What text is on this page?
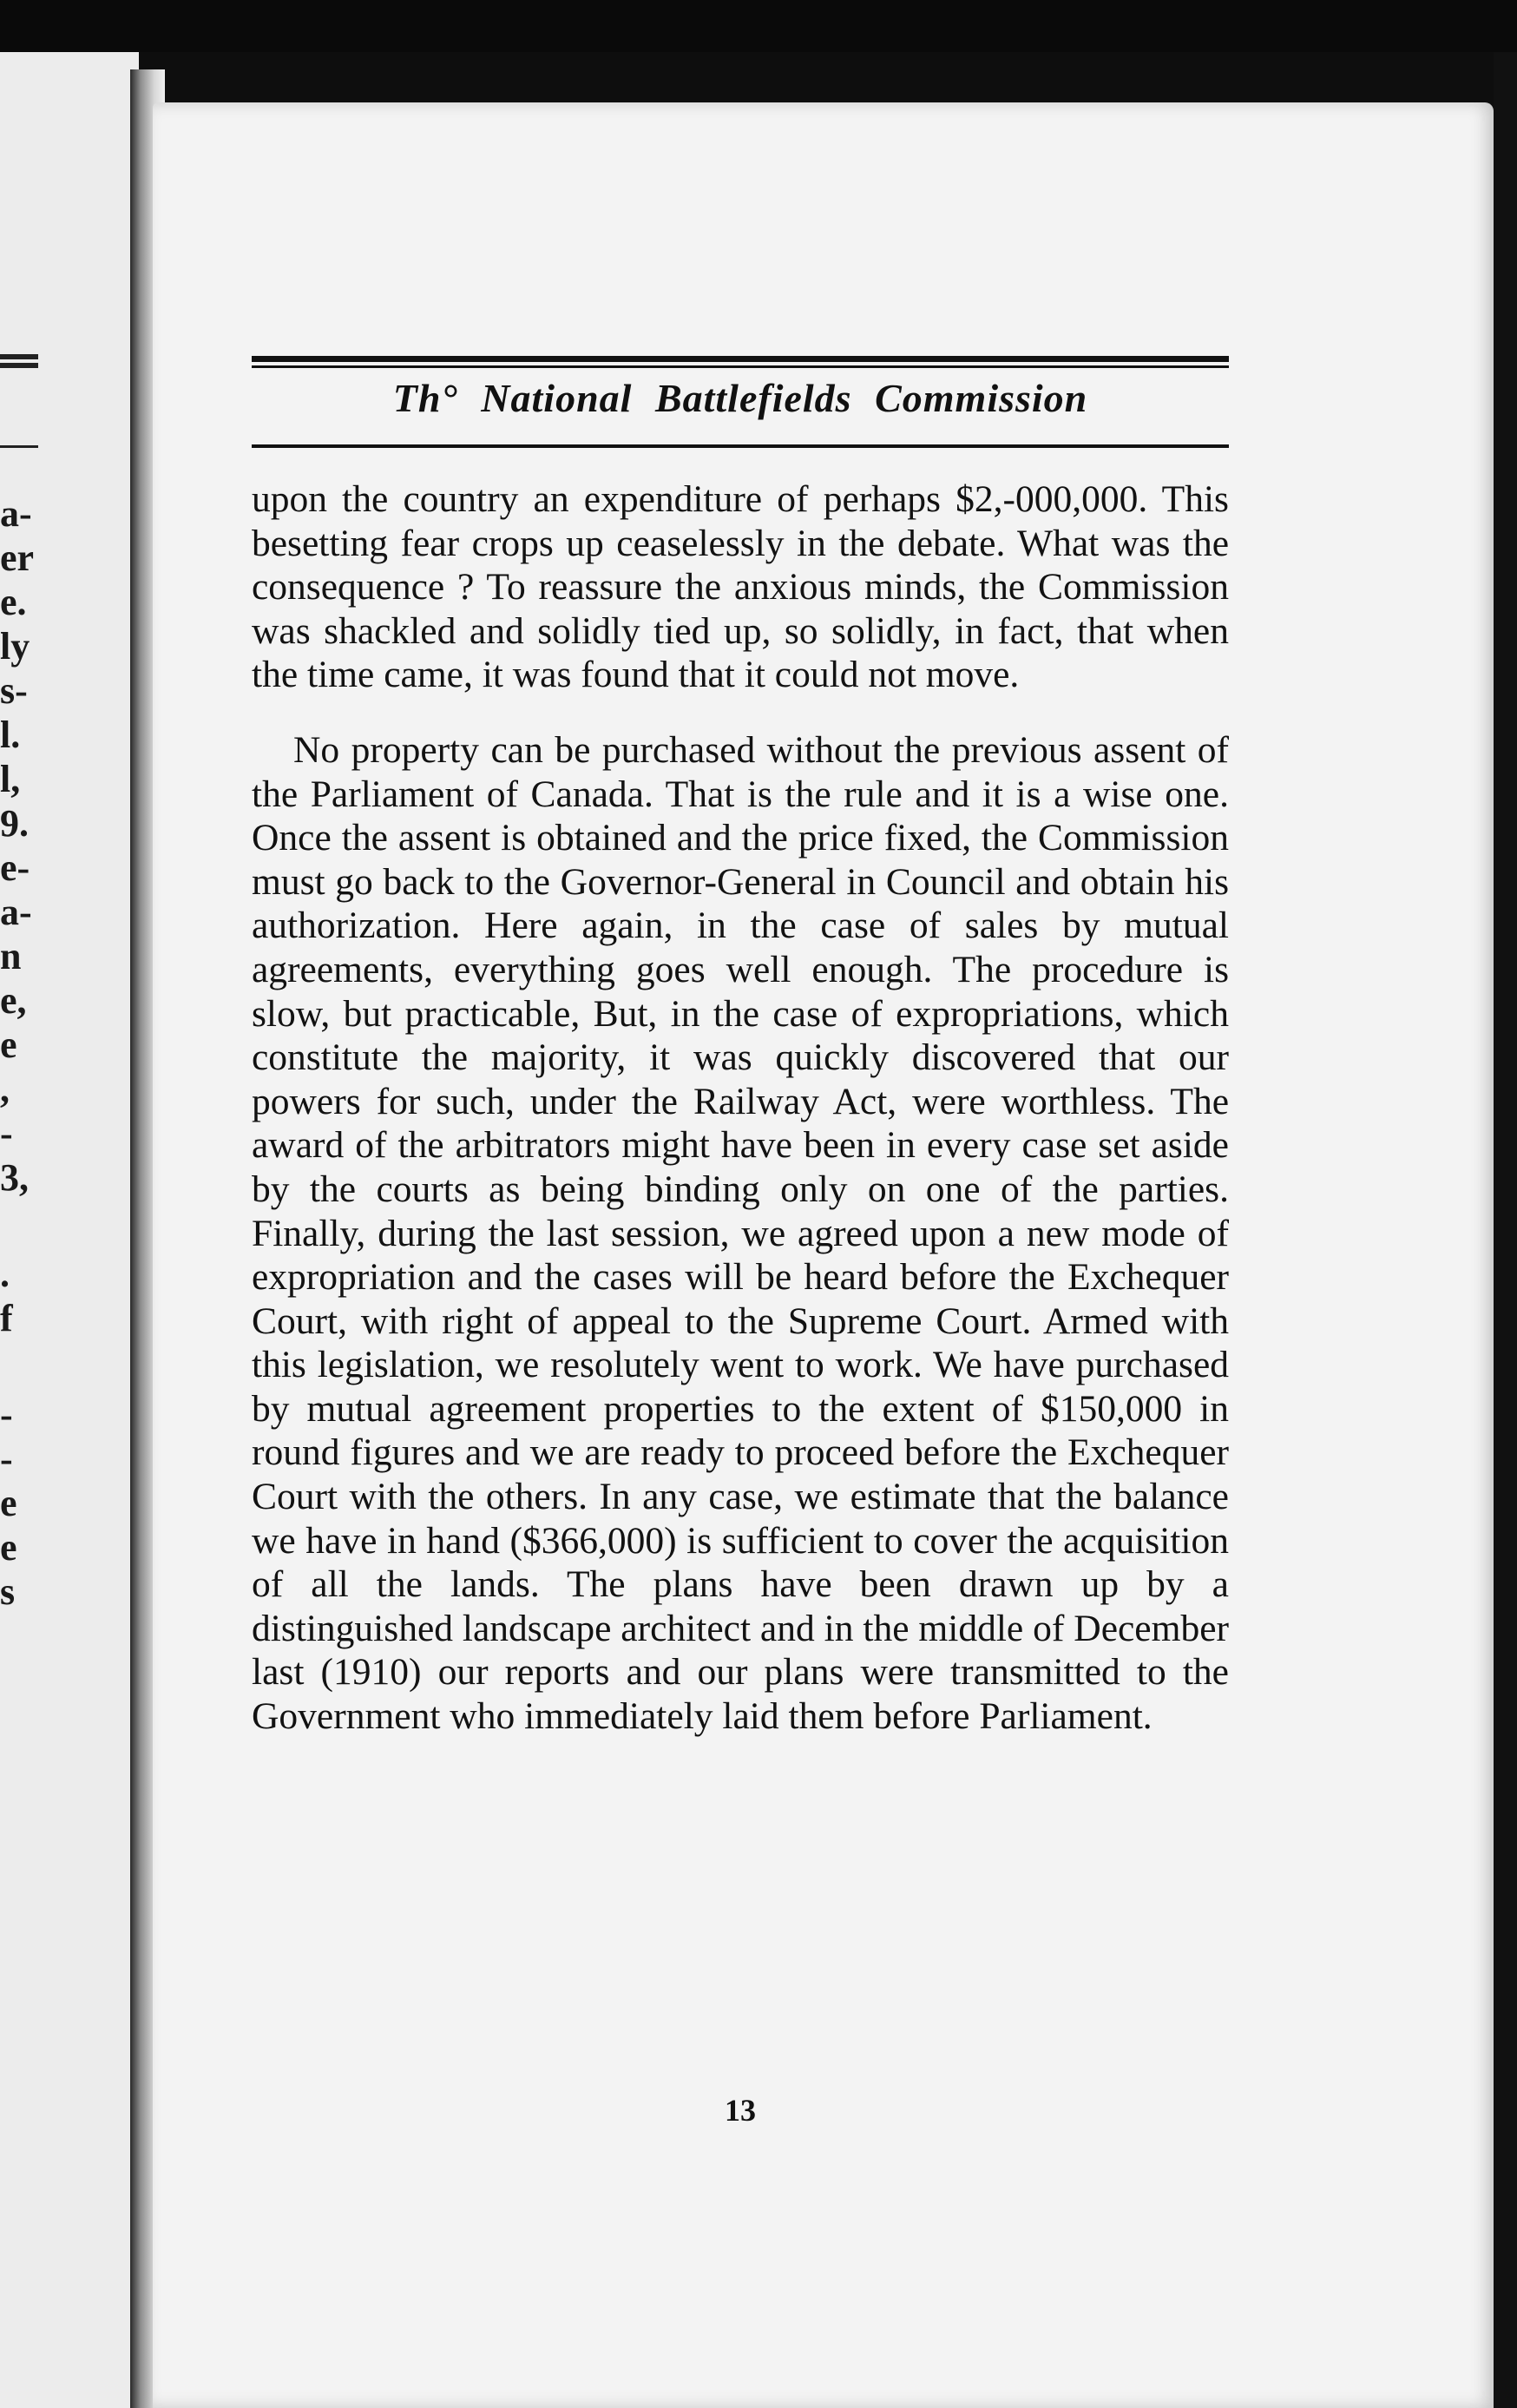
a-
er
e.
ly
s-
l.
l,
9.
e-
a-
n
e,
e
,
-
3,
.
f
-
-
e
e
s
Th° National Battlefields Commission

upon the country an expenditure of perhaps $2,-000,000. This besetting fear crops up ceaselessly in the debate. What was the consequence ? To reassure the anxious minds, the Commission was shackled and solidly tied up, so solidly, in fact, that when the time came, it was found that it could not move.

No property can be purchased without the previous assent of the Parliament of Canada. That is the rule and it is a wise one. Once the assent is obtained and the price fixed, the Commission must go back to the Governor-General in Council and obtain his authorization. Here again, in the case of sales by mutual agreements, everything goes well enough. The procedure is slow, but practicable, But, in the case of expropriations, which constitute the majority, it was quickly discovered that our powers for such, under the Railway Act, were worthless. The award of the arbitrators might have been in every case set aside by the courts as being binding only on one of the parties. Finally, during the last session, we agreed upon a new mode of expropriation and the cases will be heard before the Exchequer Court, with right of appeal to the Supreme Court. Armed with this legislation, we resolutely went to work. We have purchased by mutual agreement properties to the extent of $150,000 in round figures and we are ready to proceed before the Exchequer Court with the others. In any case, we estimate that the balance we have in hand ($366,000) is sufficient to cover the acquisition of all the lands. The plans have been drawn up by a distinguished landscape architect and in the middle of December last (1910) our reports and our plans were transmitted to the Government who immediately laid them before Parliament.

13
